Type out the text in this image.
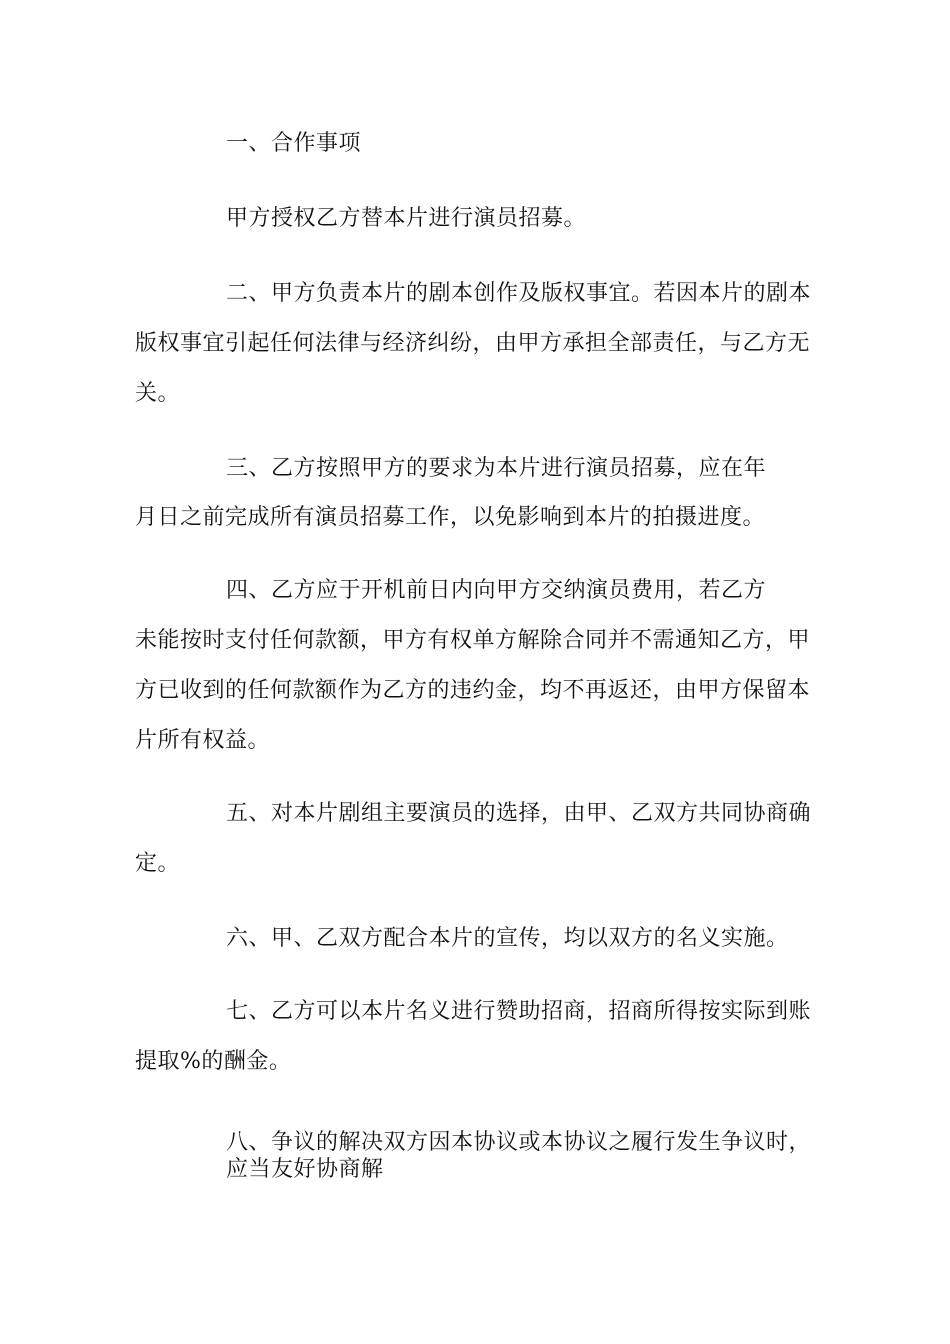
一、合作事项
甲方授权乙方替本片进行演员招募。
二、甲方负责本片的剧本创作及版权事宜。若因本片的剧本
版权事宜引起任何法律与经济纠纷，由甲方承担全部责任，与乙方无
关。
三、乙方按照甲方的要求为本片进行演员招募，应在年
月日之前完成所有演员招募工作，以免影响到本片的拍摄进度。
四、乙方应于开机前日内向甲方交纳演员费用，若乙方
未能按时支付任何款额，甲方有权单方解除合同并不需通知乙方，甲
方已收到的任何款额作为乙方的违约金，均不再返还，由甲方保留本
片所有权益。
五、对本片剧组主要演员的选择，由甲、乙双方共同协商确
定。
六、甲、乙双方配合本片的宣传，均以双方的名义实施。
七、乙方可以本片名义进行赞助招商，招商所得按实际到账
提取%的酬金。
八、争议的解决双方因本协议或本协议之履行发生争议时，
应当友好协商解
